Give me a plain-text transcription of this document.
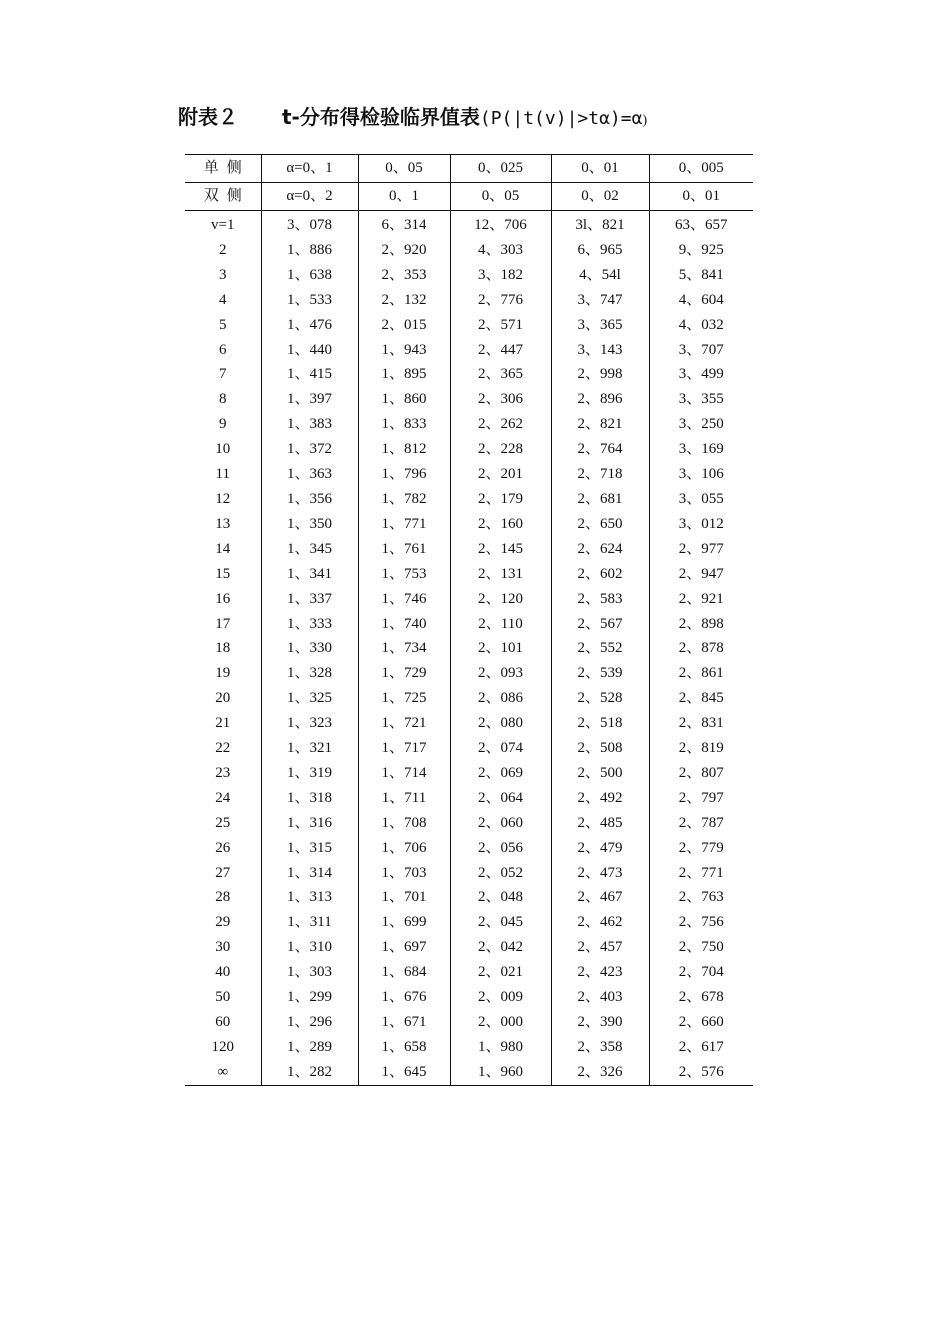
附表２ t-分布得检验临界值表(P(|t(v)|>tα)=α)
单侧	α=0、1	0、05	0、025	0、01	0、005
双侧	α=0、2	0、1	0、05	0、02	0、01
v=1	3、078	6、314	12、706	3l、821	63、657
2	1、886	2、920	4、303	6、965	9、925
3	1、638	2、353	3、182	4、54l	5、841
4	1、533	2、132	2、776	3、747	4、604
5	1、476	2、015	2、571	3、365	4、032
6	1、440	1、943	2、447	3、143	3、707
7	1、415	1、895	2、365	2、998	3、499
8	1、397	1、860	2、306	2、896	3、355
9	1、383	1、833	2、262	2、821	3、250
10	1、372	1、812	2、228	2、764	3、169
11	1、363	1、796	2、201	2、718	3、106
12	1、356	1、782	2、179	2、681	3、055
13	1、350	1、771	2、160	2、650	3、012
14	1、345	1、761	2、145	2、624	2、977
15	1、341	1、753	2、131	2、602	2、947
16	1、337	1、746	2、120	2、583	2、921
17	1、333	1、740	2、110	2、567	2、898
18	1、330	1、734	2、101	2、552	2、878
19	1、328	1、729	2、093	2、539	2、861
20	1、325	1、725	2、086	2、528	2、845
21	1、323	1、721	2、080	2、518	2、831
22	1、321	1、717	2、074	2、508	2、819
23	1、319	1、714	2、069	2、500	2、807
24	1、318	1、711	2、064	2、492	2、797
25	1、316	1、708	2、060	2、485	2、787
26	1、315	1、706	2、056	2、479	2、779
27	1、314	1、703	2、052	2、473	2、771
28	1、313	1、701	2、048	2、467	2、763
29	1、311	1、699	2、045	2、462	2、756
30	1、310	1、697	2、042	2、457	2、750
40	1、303	1、684	2、021	2、423	2、704
50	1、299	1、676	2、009	2、403	2、678
60	1、296	1、671	2、000	2、390	2、660
120	1、289	1、658	1、980	2、358	2、617
∞	1、282	1、645	1、960	2、326	2、576
